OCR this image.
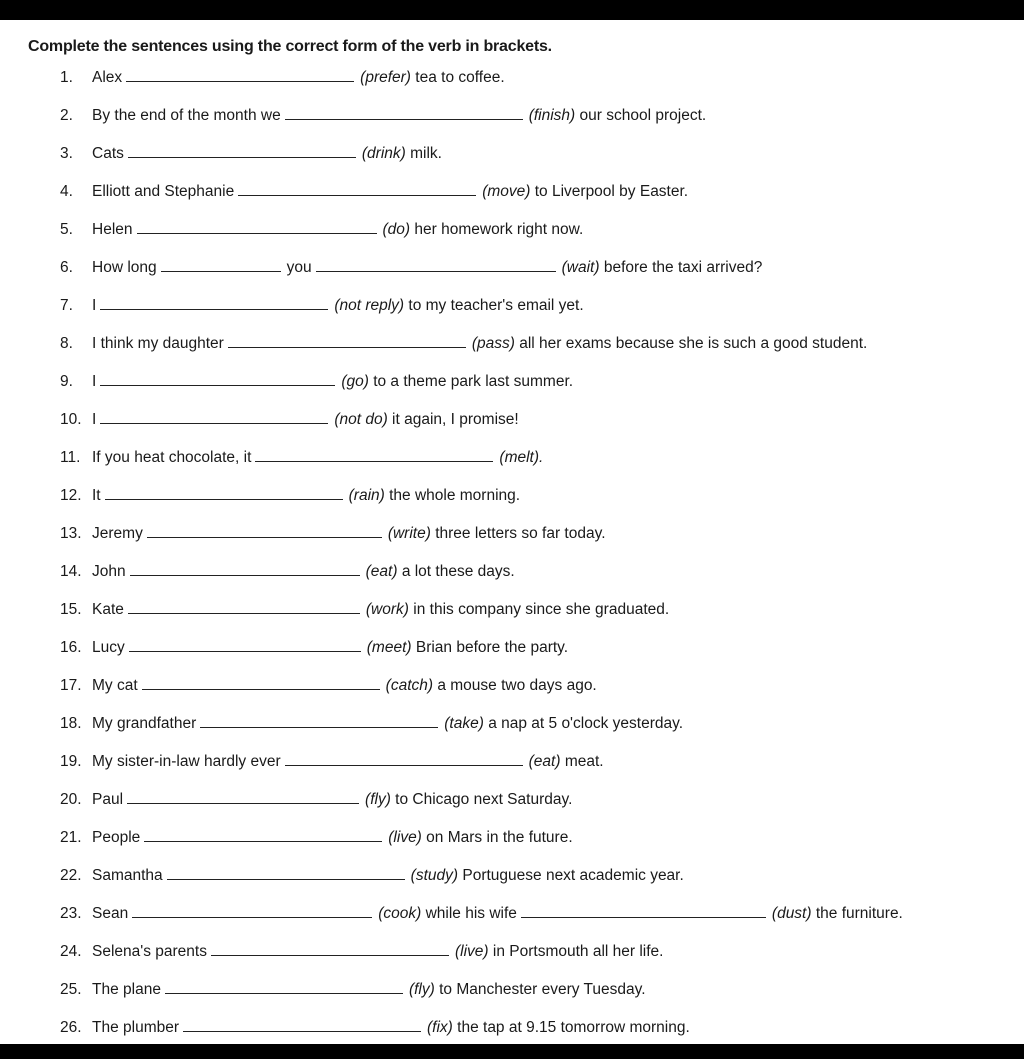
Complete the sentences using the correct form of the verb in brackets.
1. Alex	(prefer) tea to coffee.
2. By the end of the month we	(finish) our school project.
3. Cats	(drink) milk.
4. Elliott and Stephanie	(move) to Liverpool by Easter.
5. Helen	(do) her homework right now.
6. How long	you	(wait) before the taxi arrived?
7. I	(not reply) to my teacher's email yet.
8. I think my daughter	(pass) all her exams because she is such a good student.
9. I	(go) to a theme park last summer.
10. I	(not do) it again, I promise!
11. If you heat chocolate, it	(melt).
12. It	(rain) the whole morning.
13. Jeremy	(write) three letters so far today.
14. John	(eat) a lot these days.
15. Kate	(work) in this company since she graduated.
16. Lucy	(meet) Brian before the party.
17. My cat	(catch) a mouse two days ago.
18. My grandfather	(take) a nap at 5 o'clock yesterday.
19. My sister-in-law hardly ever	(eat) meat.
20. Paul	(fly) to Chicago next Saturday.
21. People	(live) on Mars in the future.
22. Samantha	(study) Portuguese next academic year.
23. Sean	(cook) while his wife	(dust) the furniture.
24. Selena's parents	(live) in Portsmouth all her life.
25. The plane	(fly) to Manchester every Tuesday.
26. The plumber	(fix) the tap at 9.15 tomorrow morning.
